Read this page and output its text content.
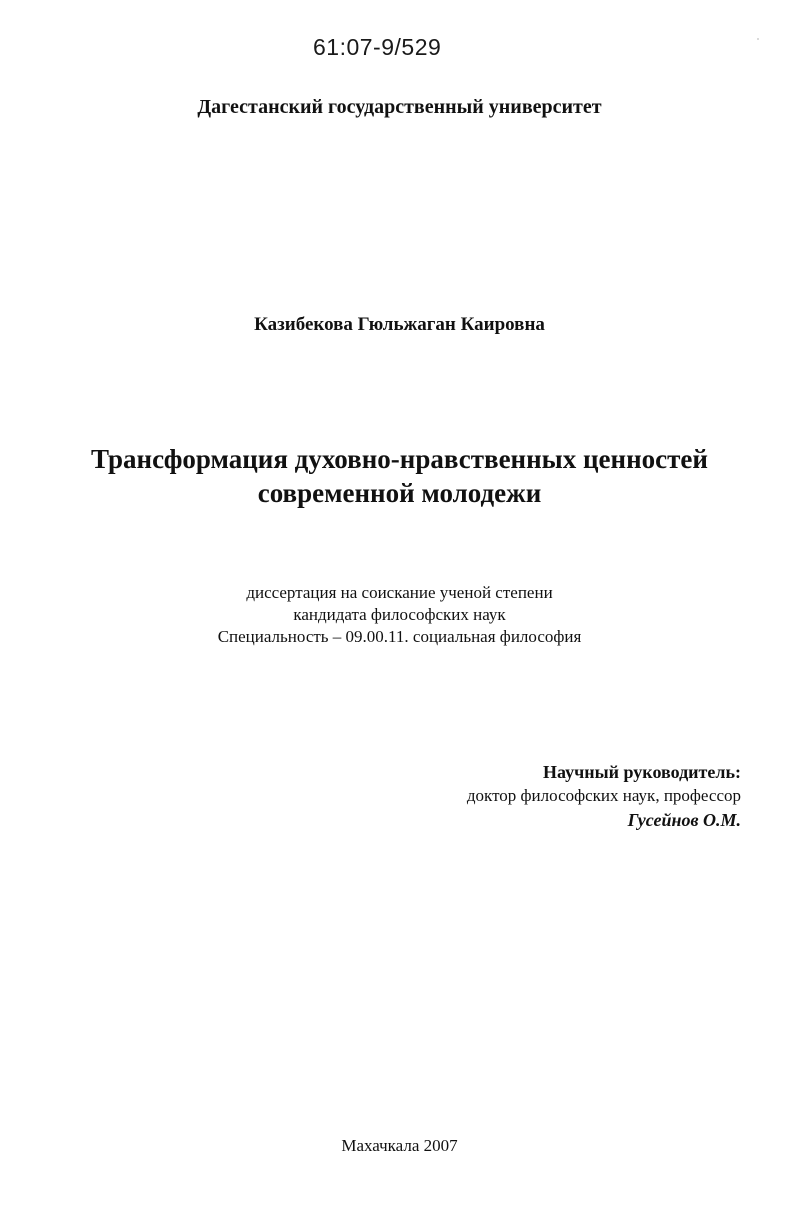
61:07-9/529
Дагестанский государственный университет
Казибекова Гюльжаган Каировна
Трансформация духовно-нравственных ценностей
современной молодежи
диссертация на соискание ученой степени
кандидата философских наук
Специальность – 09.00.11. социальная философия
Научный руководитель:
доктор философских наук, профессор
Гусейнов О.М.
Махачкала 2007
